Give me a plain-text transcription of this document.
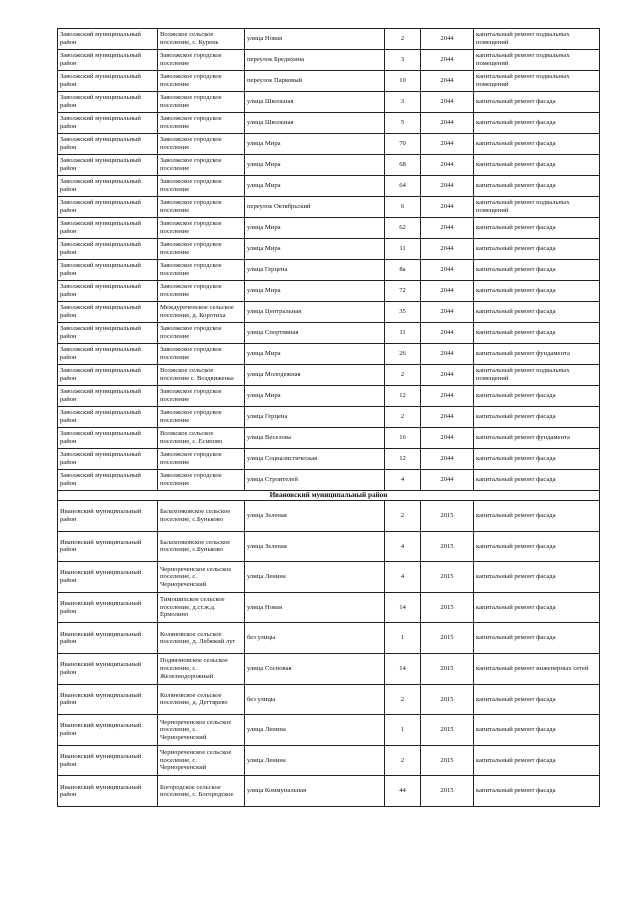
Заволжский муниципальный район	Волжское сельское поселение, с. Курень	улица Новая	2	2044	капитальный ремонт подвальных помещений
Заволжский муниципальный район	Заволжское городское поселение	переулок Бредихина	3	2044	капитальный ремонт подвальных помещений
Заволжский муниципальный район	Заволжское городское поселение	переулок Парковый	10	2044	капитальный ремонт подвальных помещений
Заволжский муниципальный район	Заволжское городское поселение	улица Школьная	3	2044	капитальный ремонт фасада
Заволжский муниципальный район	Заволжское городское поселение	улица Школьная	5	2044	капитальный ремонт фасада
Заволжский муниципальный район	Заволжское городское поселение	улица Мира	70	2044	капитальный ремонт фасада
Заволжский муниципальный район	Заволжское городское поселение	улица Мира	68	2044	капитальный ремонт фасада
Заволжский муниципальный район	Заволжское городское поселение	улица Мира	64	2044	капитальный ремонт фасада
Заволжский муниципальный район	Заволжское городское поселение	переулок Октябрьский	6	2044	капитальный ремонт подвальных помещений
Заволжский муниципальный район	Заволжское городское поселение	улица Мира	62	2044	капитальный ремонт фасада
Заволжский муниципальный район	Заволжское городское поселение	улица Мира	11	2044	капитальный ремонт фасада
Заволжский муниципальный район	Заволжское городское поселение	улица Герцена	8а	2044	капитальный ремонт фасада
Заволжский муниципальный район	Заволжское городское поселение	улица Мира	72	2044	капитальный ремонт фасада
Заволжский муниципальный район	Междуреченское сельское поселение, д. Коротиха	улица Центральная	35	2044	капитальный ремонт фасада
Заволжский муниципальный район	Заволжское городское поселение	улица Спортивная	11	2044	капитальный ремонт фасада
Заволжский муниципальный район	Заволжское городское поселение	улица Мира	26	2044	капитальный ремонт фундамента
Заволжский муниципальный район	Волжское сельское поселение с. Воздвиженье	улица Молодежная	2	2044	капитальный ремонт подвальных помещений
Заволжский муниципальный район	Заволжское городское поселение	улица Мира	12	2044	капитальный ремонт фасада
Заволжский муниципальный район	Заволжское городское поселение	улица Герцена	2	2044	капитальный ремонт фасада
Заволжский муниципальный район	Волжское сельское поселение, с. Есипово	улица Веселова	16	2044	капитальный ремонт фундамента
Заволжский муниципальный район	Заволжское городское поселение	улица Социалистическая	12	2044	капитальный ремонт фасада
Заволжский муниципальный район	Заволжское городское поселение	улица Строителей	4	2044	капитальный ремонт фасада
Ивановский муниципальный район					
Ивановский муниципальный район	Балахонковское сельское поселение, с.Буньково	улица Зеленая	2	2015	капитальный ремонт фасада
Ивановский муниципальный район	Балахонковское сельское поселение, с.Буньково	улица Зеленая	4	2015	капитальный ремонт фасада
Ивановский муниципальный район	Чернореченское сельское поселение, с. Чернореченский	улица Ленина	4	2015	капитальный ремонт фасада
Ивановский муниципальный район	Тимошихское сельское поселение, д.ст.ж.д. Ермолино	улица Новая	14	2015	капитальный ремонт фасада
Ивановский муниципальный район	Коляновское сельское поселение, д. Лебяжий луг	без улицы	1	2015	капитальный ремонт фасада
Ивановский муниципальный район	Подвязновское сельское поселение, с. Железнодорожный	улица Сосновая	14	2015	капитальный ремонт инженерных сетей
Ивановский муниципальный район	Коляновское сельское поселение, д. Дегтярево	без улицы	2	2015	капитальный ремонт фасада
Ивановский муниципальный район	Чернореченское сельское поселение, с. Чернореченский	улица Ленина	1	2015	капитальный ремонт фасада
Ивановский муниципальный район	Чернореченское сельское поселение, с. Чернореченский	улица Ленина	2	2015	капитальный ремонт фасада
Ивановский муниципальный район	Богородское сельское поселение, с. Богородское	улица Коммунальная	44	2015	капитальный ремонт фасада
